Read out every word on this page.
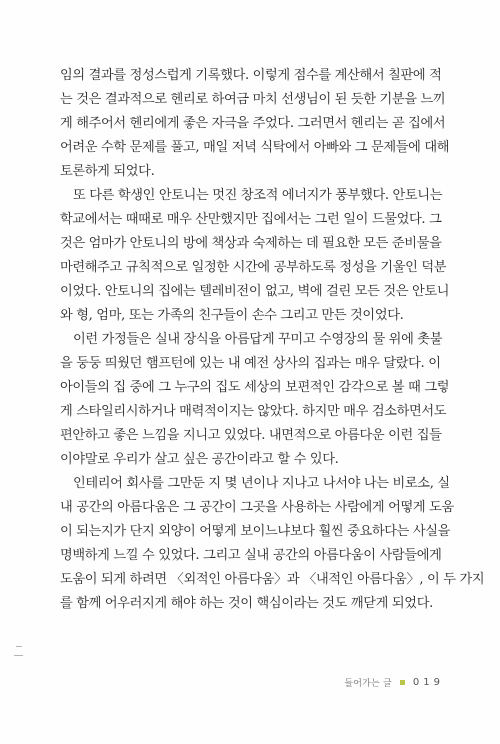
임의 결과를 정성스럽게 기록했다. 이렇게 점수를 계산해서 칠판에 적
는 것은 결과적으로 헨리로 하여금 마치 선생님이 된 듯한 기분을 느끼
게 해주어서 헨리에게 좋은 자극을 주었다. 그러면서 헨리는 곧 집에서
어려운 수학 문제를 풀고, 매일 저녁 식탁에서 아빠와 그 문제들에 대해
토론하게 되었다.
또 다른 학생인 안토니는 멋진 창조적 에너지가 풍부했다. 안토니는
학교에서는 때때로 매우 산만했지만 집에서는 그런 일이 드물었다. 그
것은 엄마가 안토니의 방에 책상과 숙제하는 데 필요한 모든 준비물을
마련해주고 규칙적으로 일정한 시간에 공부하도록 정성을 기울인 덕분
이었다. 안토니의 집에는 텔레비전이 없고, 벽에 걸린 모든 것은 안토니
와 형, 엄마, 또는 가족의 친구들이 손수 그리고 만든 것이었다.
이런 가정들은 실내 장식을 아름답게 꾸미고 수영장의 물 위에 촛불
을 둥둥 띄웠던 햄프턴에 있는 내 예전 상사의 집과는 매우 달랐다. 이
아이들의 집 중에 그 누구의 집도 세상의 보편적인 감각으로 볼 때 그렇
게 스타일리시하거나 매력적이지는 않았다. 하지만 매우 검소하면서도
편안하고 좋은 느낌을 지니고 있었다. 내면적으로 아름다운 이런 집들
이야말로 우리가 살고 싶은 공간이라고 할 수 있다.
인테리어 회사를 그만둔 지 몇 년이나 지나고 나서야 나는 비로소, 실
내 공간의 아름다움은 그 공간이 그곳을 사용하는 사람에게 어떻게 도움
이 되는지가 단지 외양이 어떻게 보이느냐보다 훨씬 중요하다는 사실을
명백하게 느낄 수 있었다. 그리고 실내 공간의 아름다움이 사람들에게
도움이 되게 하려면 〈외적인 아름다움〉과 〈내적인 아름다움〉, 이 두 가지
를 함께 어우러지게 해야 하는 것이 핵심이라는 것도 깨닫게 되었다.
들어가는 글 019
